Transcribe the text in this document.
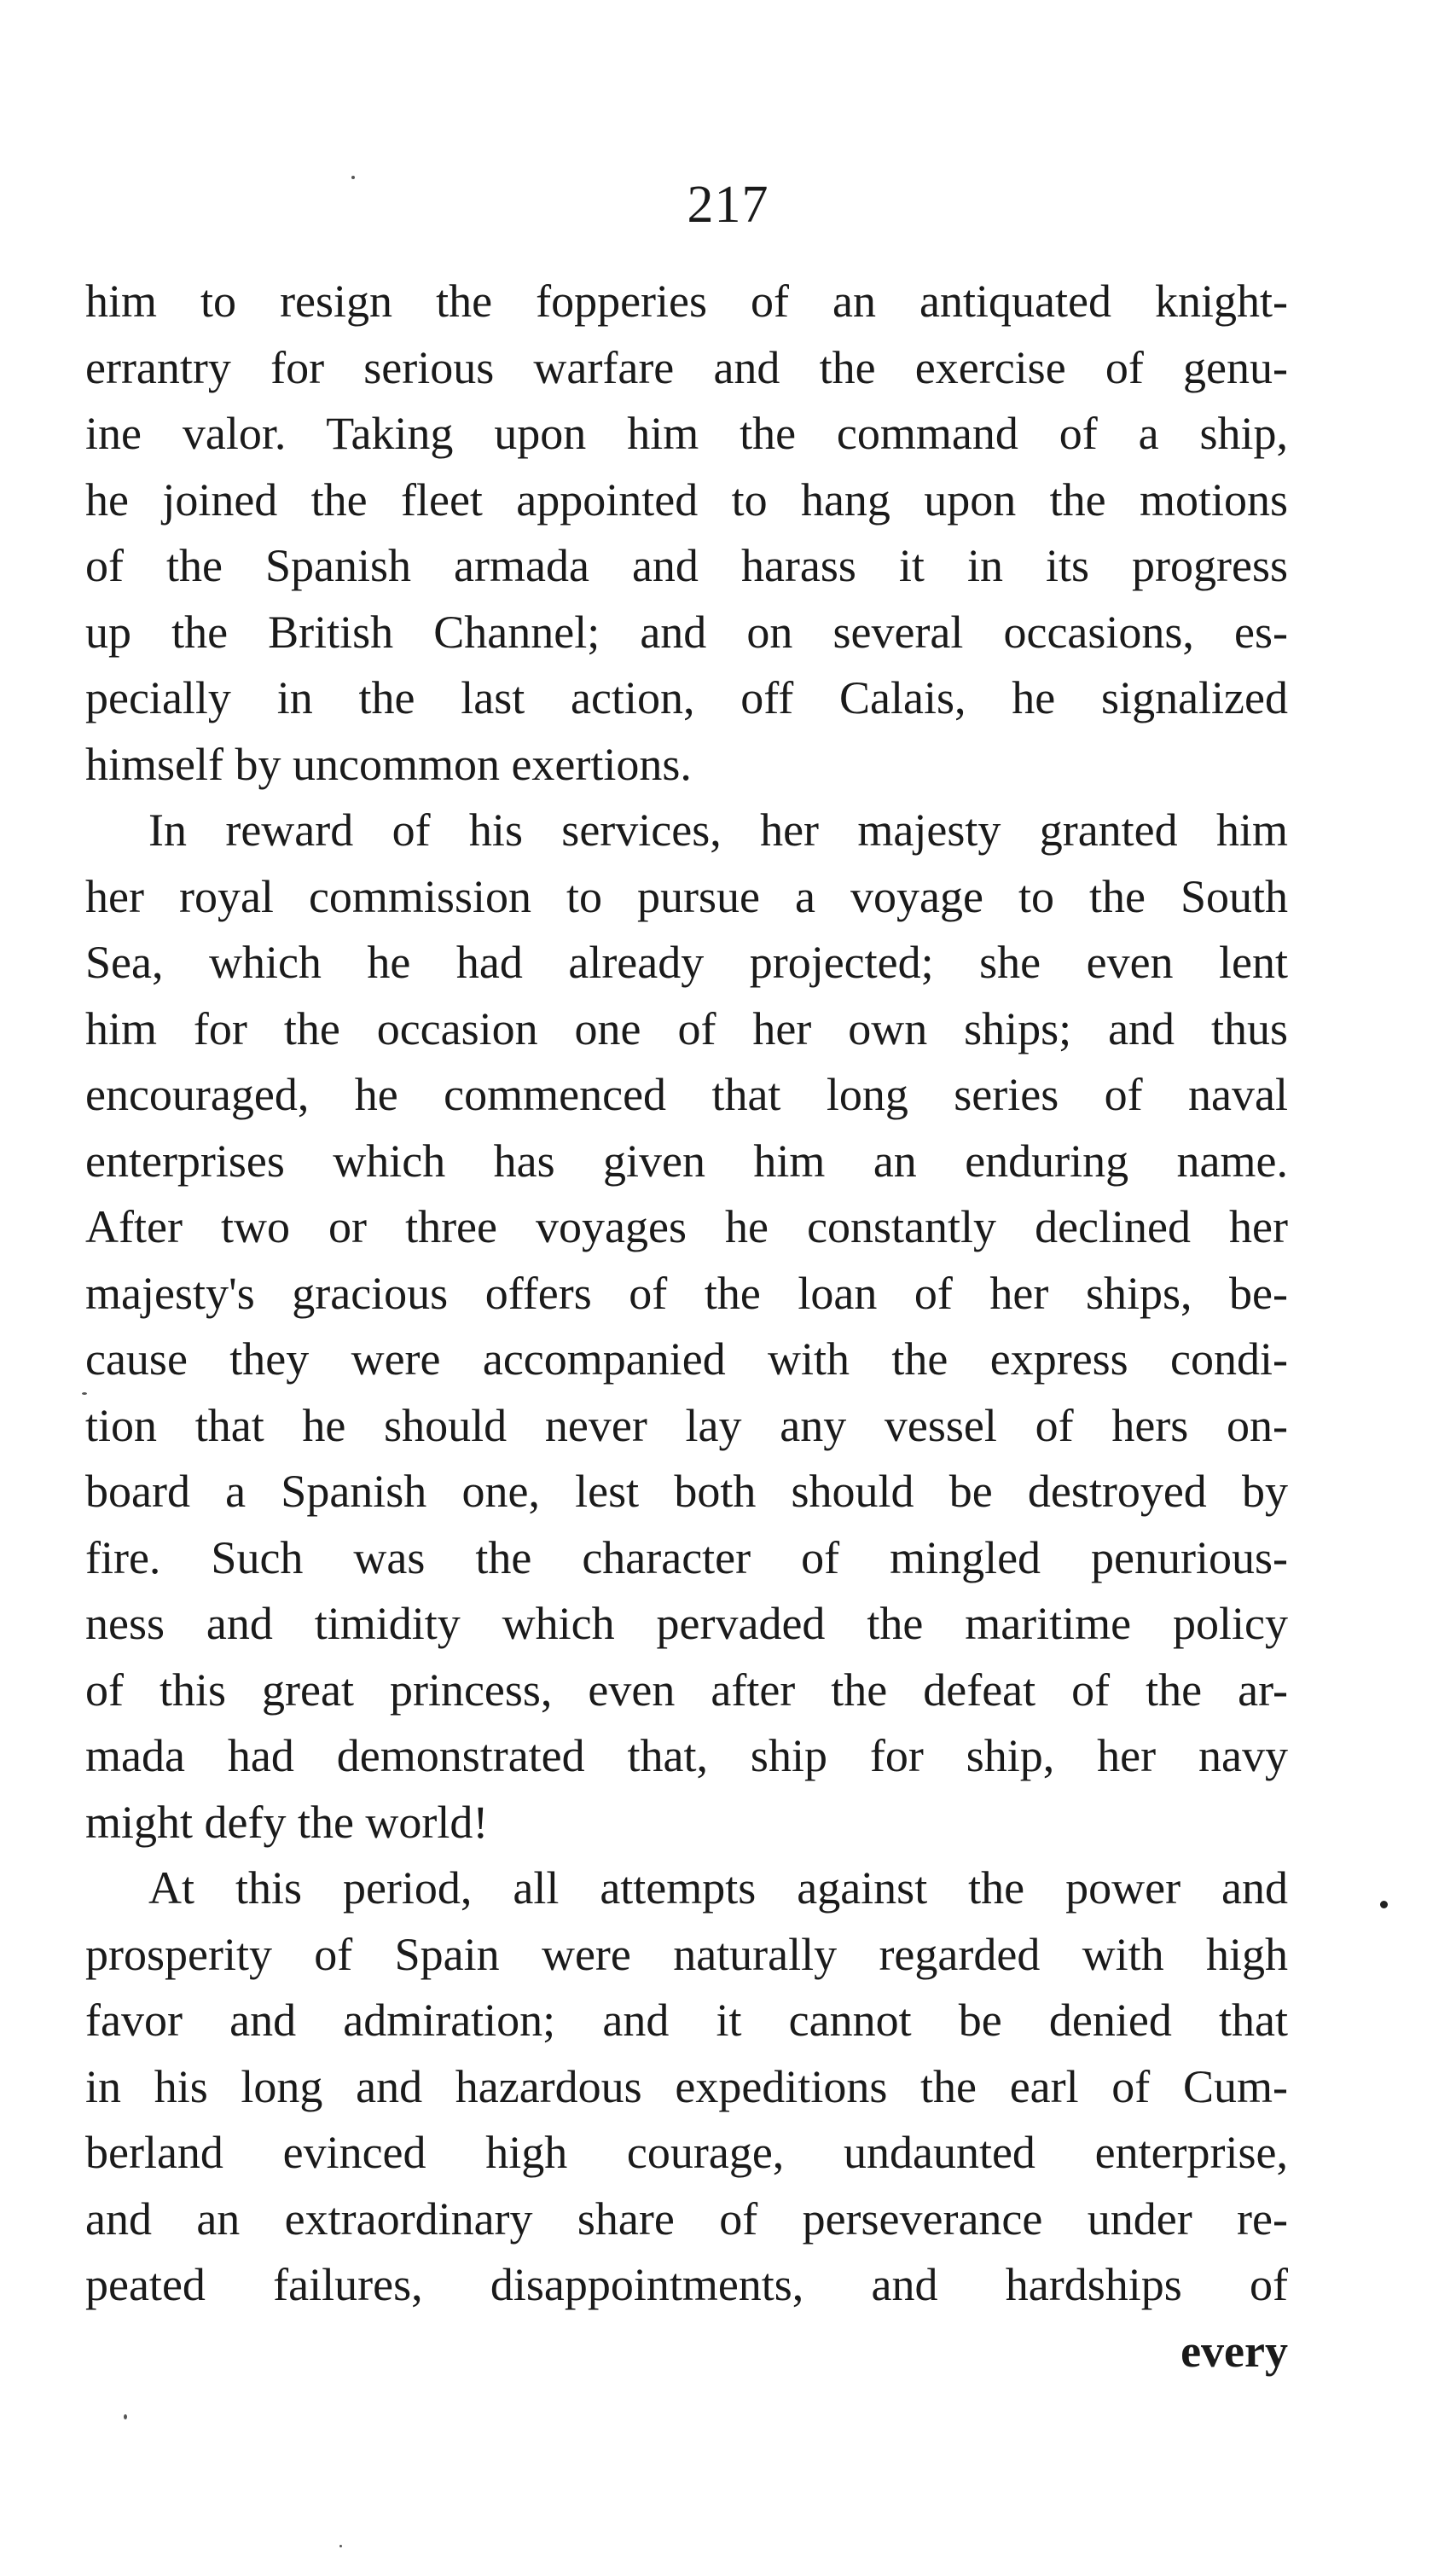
217
him to resign the fopperies of an antiquated knight-
errantry for serious warfare and the exercise of genu-
ine valor. Taking upon him the command of a ship,
he joined the fleet appointed to hang upon the motions
of the Spanish armada and harass it in its progress
up the British Channel; and on several occasions, es-
pecially in the last action, off Calais, he signalized
himself by uncommon exertions.
In reward of his services, her majesty granted him
her royal commission to pursue a voyage to the South
Sea, which he had already projected; she even lent
him for the occasion one of her own ships; and thus
encouraged, he commenced that long series of naval
enterprises which has given him an enduring name.
After two or three voyages he constantly declined her
majesty's gracious offers of the loan of her ships, be-
cause they were accompanied with the express condi-
tion that he should never lay any vessel of hers on-
board a Spanish one, lest both should be destroyed by
fire. Such was the character of mingled penurious-
ness and timidity which pervaded the maritime policy
of this great princess, even after the defeat of the ar-
mada had demonstrated that, ship for ship, her navy
might defy the world!
At this period, all attempts against the power and
prosperity of Spain were naturally regarded with high
favor and admiration; and it cannot be denied that
in his long and hazardous expeditions the earl of Cum-
berland evinced high courage, undaunted enterprise,
and an extraordinary share of perseverance under re-
peated failures, disappointments, and hardships of
every
